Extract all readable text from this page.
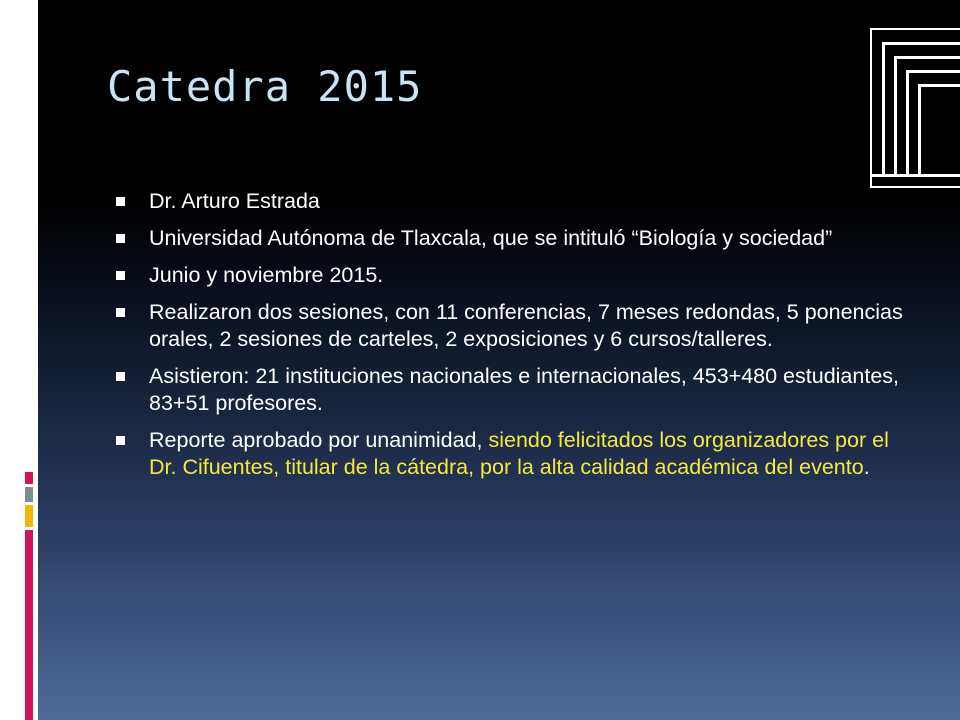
Catedra 2015
Dr. Arturo Estrada
Universidad Autónoma de Tlaxcala, que se intituló “Biología y sociedad”
Junio y noviembre 2015.
Realizaron dos sesiones, con 11 conferencias, 7 meses redondas, 5 ponencias orales, 2 sesiones de carteles, 2 exposiciones y 6 cursos/talleres.
Asistieron: 21 instituciones nacionales e internacionales, 453+480 estudiantes, 83+51 profesores.
Reporte aprobado por unanimidad, siendo felicitados los organizadores por el Dr. Cifuentes, titular de la cátedra, por la alta calidad académica del evento.
